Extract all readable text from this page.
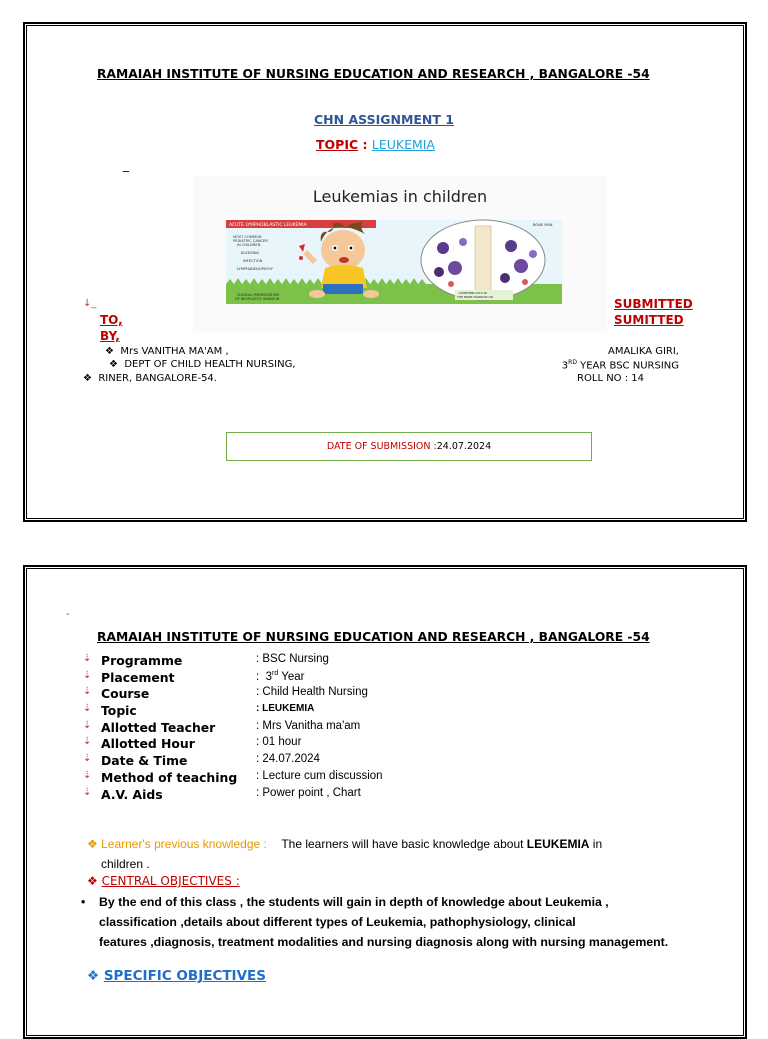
RAMAIAH INSTITUTE OF NURSING EDUCATION AND RESEARCH , BANGALORE -54
CHN ASSIGNMENT 1
TOPIC : LEUKEMIA
_
Leukemias in children
ACUTE LYMPHOBLASTIC LEUKEMIA
MOST COMMON
PEDIATRIC CANCER
IN CHILDREN
BLEEDING
INFECTION
LYMPHADENOPATHY
CLINICAL PRESENTATION
OF NEOPLASTIC INVASION
BONE PAIN
LYMPHOBLASTS IN
THE BONE MARROW OR
↓_
TO,
BY,
SUBMITTED
SUMITTED
❖ Mrs VANITHA MA'AM ,
❖ DEPT OF CHILD HEALTH NURSING,
❖ RINER, BANGALORE-54.
AMALIKA GIRI,
3RD YEAR BSC NURSING
ROLL NO : 14
DATE OF SUBMISSION : 24.07.2024
-
RAMAIAH INSTITUTE OF NURSING EDUCATION AND RESEARCH , BANGALORE -54
⇣ Programme	: BSC Nursing
⇣ Placement	:  3rd Year
⇣ Course	: Child Health Nursing
⇣ Topic	: LEUKEMIA
⇣ Allotted Teacher	: Mrs Vanitha ma'am
⇣ Allotted Hour	: 01 hour
⇣ Date & Time	: 24.07.2024
⇣ Method of teaching	: Lecture cum discussion
⇣ A.V. Aids	: Power point , Chart
❖ Learner's previous knowledge : The learners will have basic knowledge about LEUKEMIA in
children .
❖ CENTRAL OBJECTIVES :
• By the end of this class , the students will gain in depth of knowledge about Leukemia ,
classification ,details about different types of Leukemia, pathophysiology, clinical
features ,diagnosis, treatment modalities and nursing diagnosis along with nursing management.
❖ SPECIFIC OBJECTIVES
